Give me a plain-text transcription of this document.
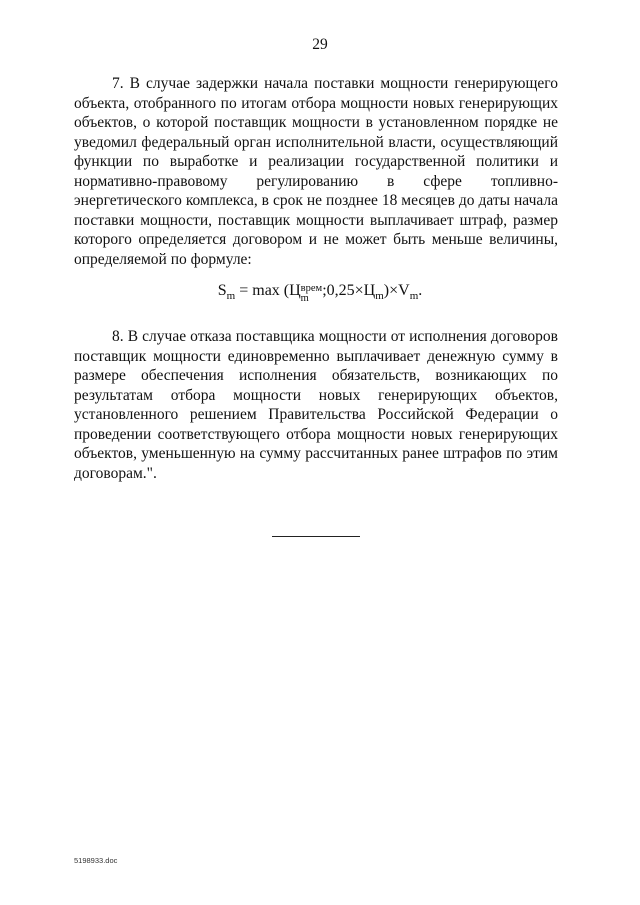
29

7. В случае задержки начала поставки мощности генерирующего объекта, отобранного по итогам отбора мощности новых генерирующих объектов, о которой поставщик мощности в установленном порядке не уведомил федеральный орган исполнительной власти, осуществляющий функции по выработке и реализации государственной политики и нормативно-правовому регулированию в сфере топливно-энергетического комплекса, в срок не позднее 18 месяцев до даты начала поставки мощности, поставщик мощности выплачивает штраф, размер которого определяется договором и не может быть меньше величины, определяемой по формуле:

$S_m = \max (Ц$ врем
m $;0,25\times Ц_m)\times V_m$.

8. В случае отказа поставщика мощности от исполнения договоров поставщик мощности единовременно выплачивает денежную сумму в размере обеспечения исполнения обязательств, возникающих по результатам отбора мощности новых генерирующих объектов, установленного решением Правительства Российской Федерации о проведении соответствующего отбора мощности новых генерирующих объектов, уменьшенную на сумму рассчитанных ранее штрафов по этим договорам.".

5198933.doc
